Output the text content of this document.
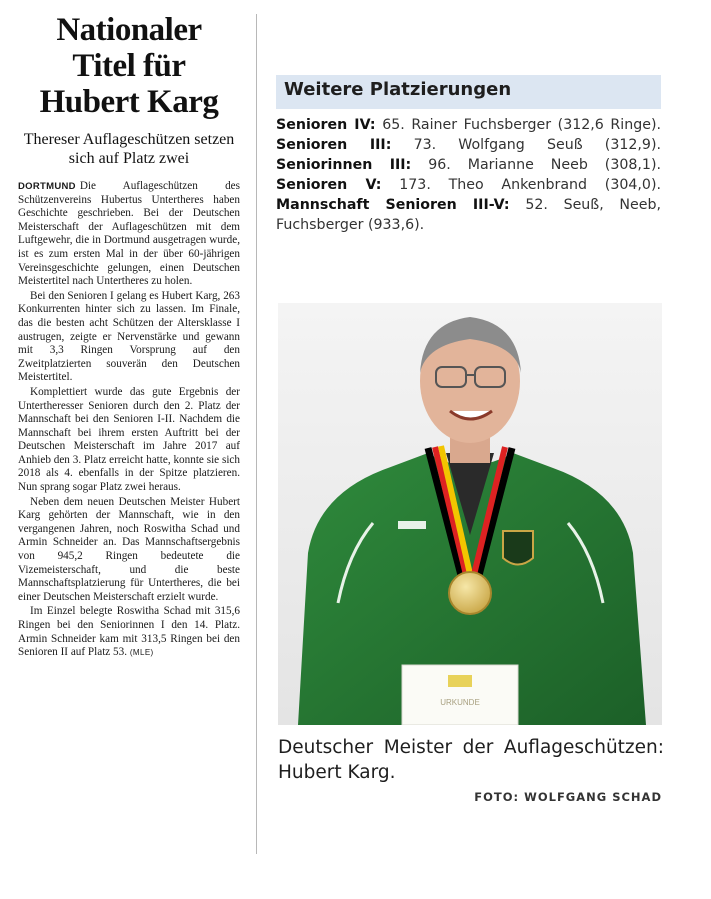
Nationaler
Titel für
Hubert Karg
Thereser Auflageschützen setzen sich auf Platz zwei

DORTMUND Die Auflageschützen des Schützenvereins Hubertus Untertheres haben Geschichte geschrieben. Bei der Deutschen Meisterschaft der Auflageschützen mit dem Luftgewehr, die in Dortmund ausgetragen wurde, ist es zum ersten Mal in der über 60-jährigen Vereinsgeschichte gelungen, einen Deutschen Meistertitel nach Untertheres zu holen.

Bei den Senioren I gelang es Hubert Karg, 263 Konkurrenten hinter sich zu lassen. Im Finale, das die besten acht Schützen der Altersklasse I austrugen, zeigte er Nervenstärke und gewann mit 3,3 Ringen Vorsprung auf den Zweitplatzierten souverän den Deutschen Meistertitel.

Komplettiert wurde das gute Ergebnis der Untertheresser Senioren durch den 2. Platz der Mannschaft bei den Senioren I-II. Nachdem die Mannschaft bei ihrem ersten Auftritt bei der Deutschen Meisterschaft im Jahre 2017 auf Anhieb den 3. Platz erreicht hatte, konnte sie sich 2018 als 4. ebenfalls in der Spitze platzieren. Nun sprang sogar Platz zwei heraus.

Neben dem neuen Deutschen Meister Hubert Karg gehörten der Mannschaft, wie in den vergangenen Jahren, noch Roswitha Schad und Armin Schneider an. Das Mannschaftsergebnis von 945,2 Ringen bedeutete die Vizemeisterschaft, und die beste Mannschaftsplatzierung für Untertheres, die bei einer Deutschen Meisterschaft erzielt wurde.

Im Einzel belegte Roswitha Schad mit 315,6 Ringen bei den Seniorinnen I den 14. Platz. Armin Schneider kam mit 313,5 Ringen bei den Senioren II auf Platz 53. (MLE)

Weitere Platzierungen
Senioren IV: 65. Rainer Fuchsberger (312,6 Ringe). Senioren III: 73. Wolfgang Seuß (312,9). Seniorinnen III: 96. Marianne Neeb (308,1). Senioren V: 173. Theo Ankenbrand (304,0). Mannschaft Senioren III-V: 52. Seuß, Neeb, Fuchsberger (933,6).
URKUNDE
Deutscher Meister der Auflageschützen: Hubert Karg.
FOTO: WOLFGANG SCHAD
